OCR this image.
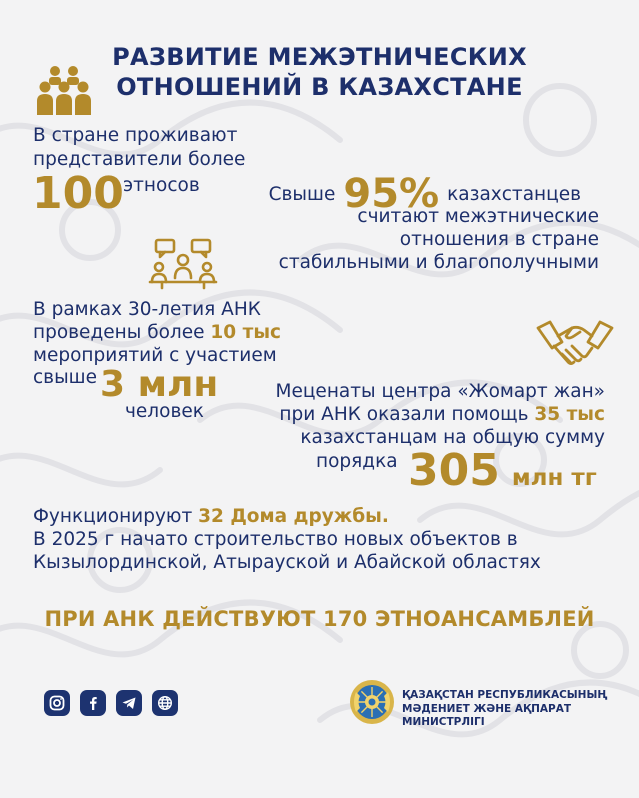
РАЗВИТИЕ МЕЖЭТНИЧЕСКИХ
ОТНОШЕНИЙ В КАЗАХСТАНЕ
В стране проживают
представители более
100 этносов	Свыше 95% казахстанцев
считают межэтнические
отношения в стране
стабильными и благополучными
В рамках 30-летия АНК
проведены более 10 тыс
мероприятий с участием
свыше 3 млн
человек
Меценаты центра «Жомарт жан»
при АНК оказали помощь 35 тыс
казахстанцам на общую сумму
порядка 305 млн тг
Функционируют 32 Дома дружбы.
В 2025 г начато строительство новых объектов в
Кызылординской, Атырауской и Абайской областях
ПРИ АНК ДЕЙСТВУЮТ 170 ЭТНОАНСАМБЛЕЙ
ҚАЗАҚСТАН РЕСПУБЛИКАСЫНЫҢ
МӘДЕНИЕТ ЖӘНЕ АҚПАРАТ МИНИСТРЛІГІ
